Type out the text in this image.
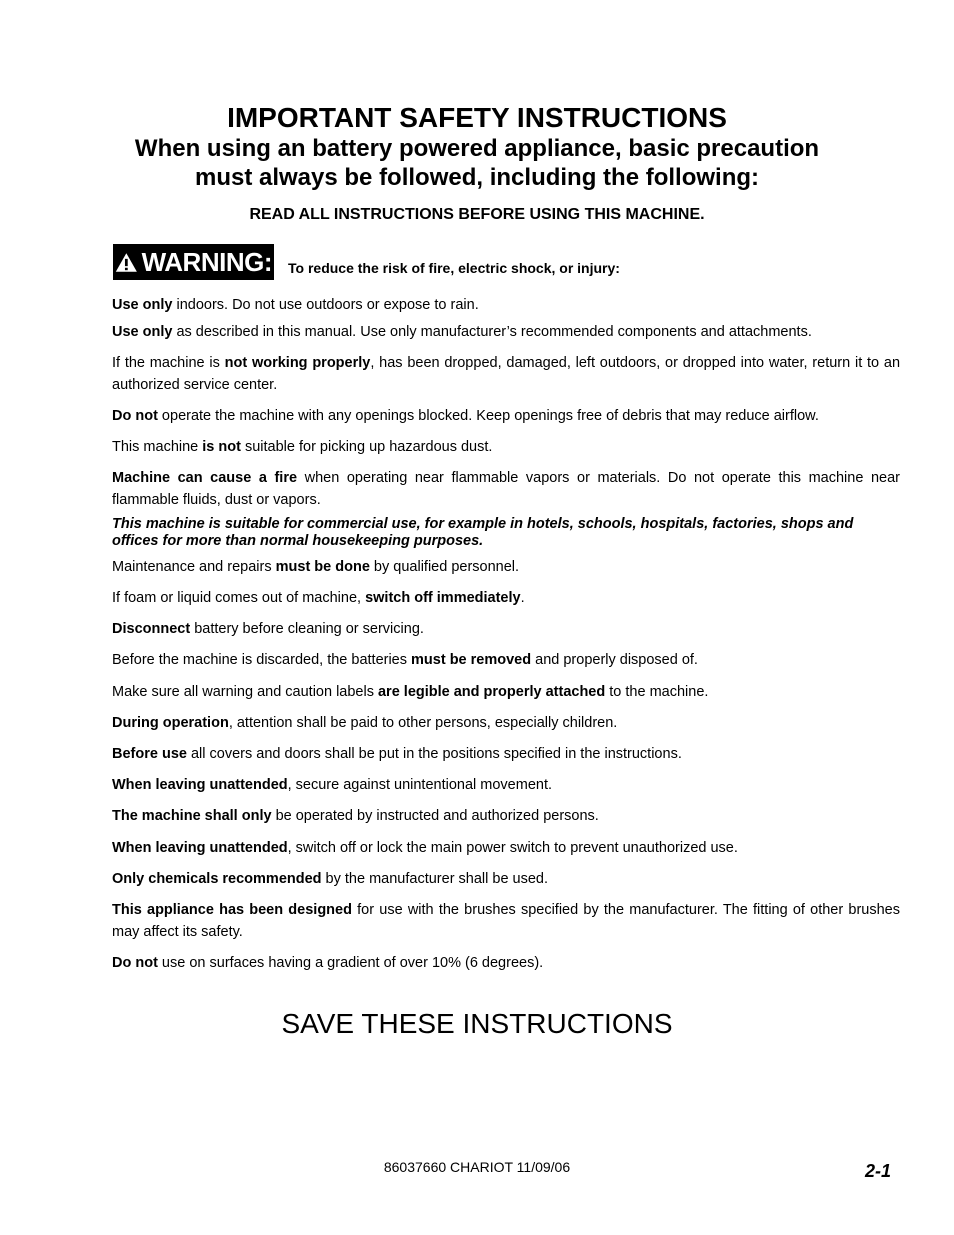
IMPORTANT SAFETY INSTRUCTIONS
When using an battery powered appliance, basic precaution
must always be followed, including the following:
READ ALL INSTRUCTIONS BEFORE USING THIS MACHINE.
WARNING: To reduce the risk of fire, electric shock, or injury:
Use only indoors. Do not use outdoors or expose to rain.
Use only as described in this manual. Use only manufacturer’s recommended components and attachments.
If the machine is not working properly, has been dropped, damaged, left outdoors, or dropped into water, return it to an authorized service center.
Do not operate the machine with any openings blocked. Keep openings free of debris that may reduce airflow.
This machine is not suitable for picking up hazardous dust.
Machine can cause a fire when operating near flammable vapors or materials. Do not operate this machine near flammable fluids, dust or vapors.
This machine is suitable for commercial use, for example in hotels, schools, hospitals, factories, shops and offices for more than normal housekeeping purposes.
Maintenance and repairs must be done by qualified personnel.
If foam or liquid comes out of machine, switch off immediately.
Disconnect battery before cleaning or servicing.
Before the machine is discarded, the batteries must be removed and properly disposed of.
Make sure all warning and caution labels are legible and properly attached to the machine.
During operation, attention shall be paid to other persons, especially children.
Before use all covers and doors shall be put in the positions specified in the instructions.
When leaving unattended, secure against unintentional movement.
The machine shall only be operated by instructed and authorized persons.
When leaving unattended, switch off or lock the main power switch to prevent unauthorized use.
Only chemicals recommended by the manufacturer shall be used.
This appliance has been designed for use with the brushes specified by the manufacturer. The fitting of other brushes may affect its safety.
Do not use on surfaces having a gradient of over 10% (6 degrees).
SAVE THESE INSTRUCTIONS
86037660 CHARIOT 11/09/06	2-1
